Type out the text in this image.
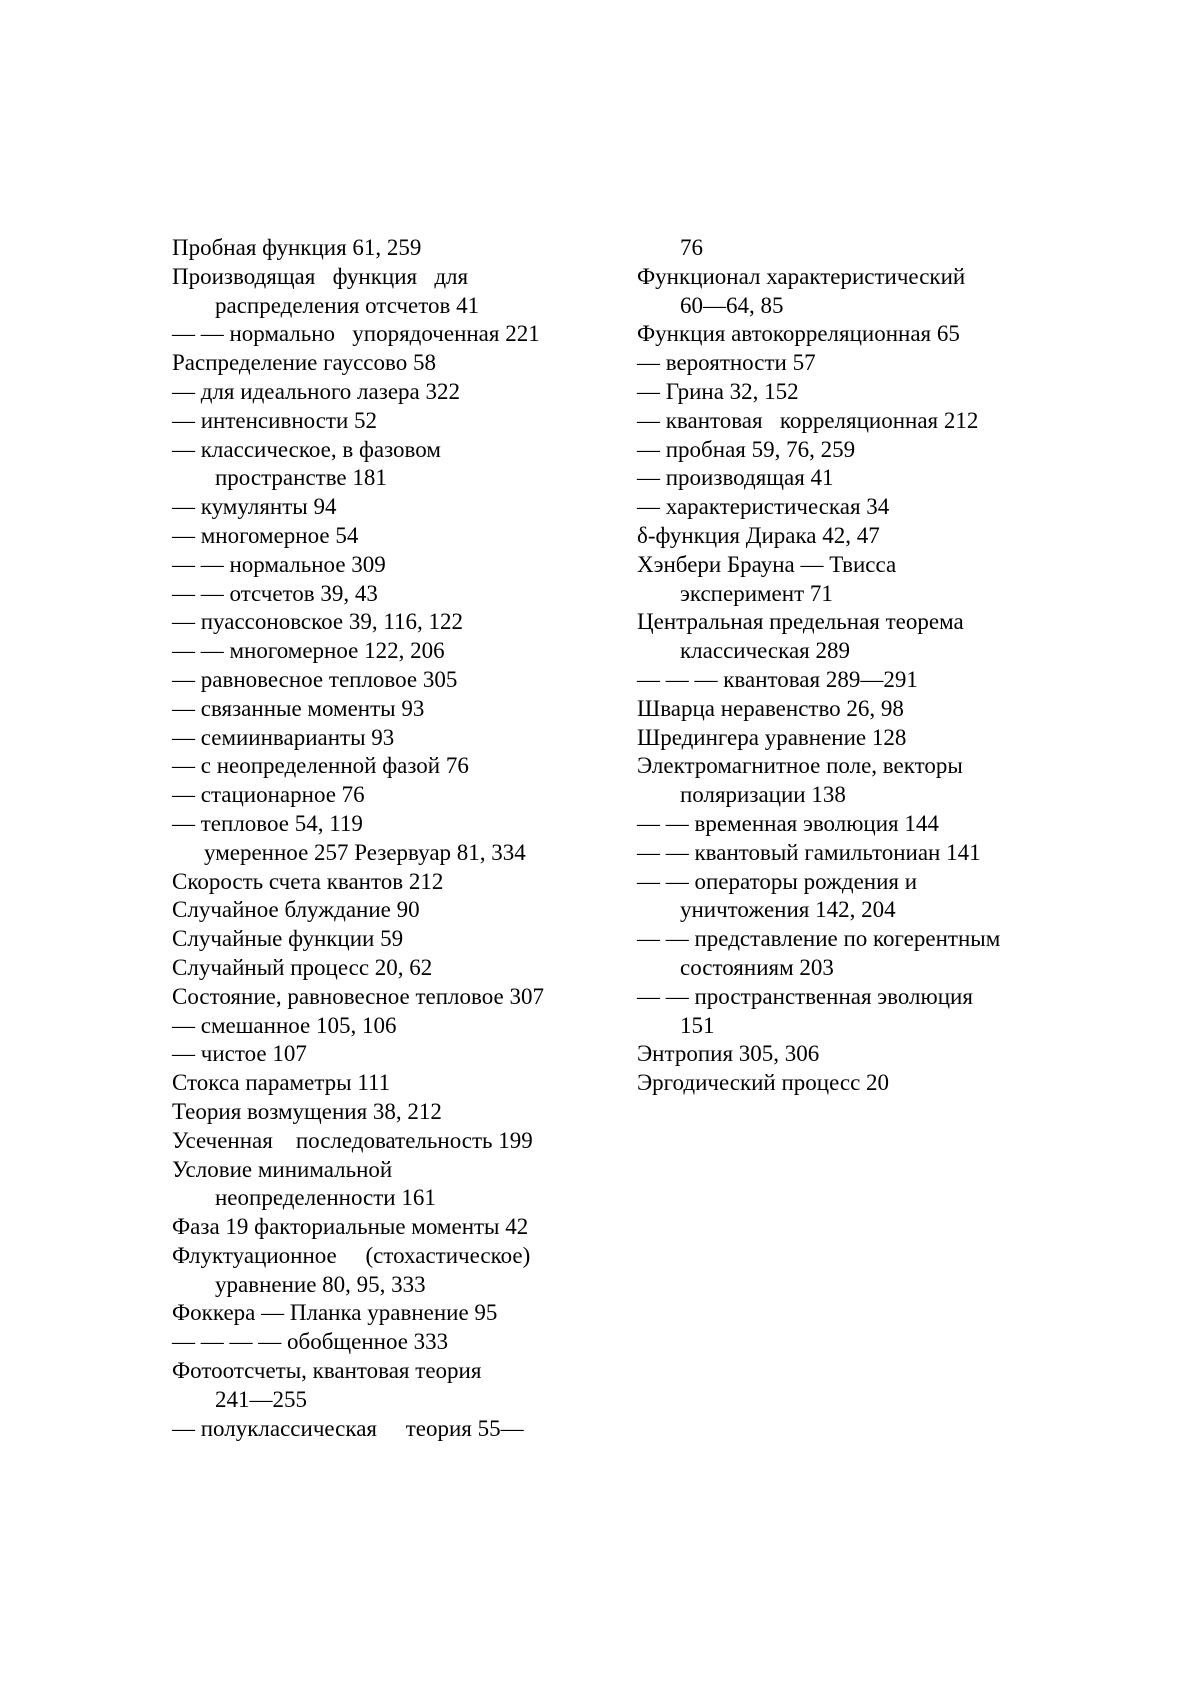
Пробная функция 61, 259
Производящая   функция   для
распределения отсчетов 41
— — нормально   упорядоченная 221
Распределение гауссово 58
— для идеального лазера 322
— интенсивности 52
— классическое, в фазовом
пространстве 181
— кумулянты 94
— многомерное 54
— — нормальное 309
— — отсчетов 39, 43
— пуассоновское 39, 116, 122
— — многомерное 122, 206
— равновесное тепловое 305
— связанные моменты 93
— семиинварианты 93
— с неопределенной фазой 76
— стационарное 76
— тепловое 54, 119
умеренное 257 Резервуар 81, 334
Скорость счета квантов 212
Случайное блуждание 90
Случайные функции 59
Случайный процесс 20, 62
Состояние, равновесное тепловое 307
— смешанное 105, 106
— чистое 107
Стокса параметры 111
Теория возмущения 38, 212
Усеченная    последовательность 199
Условие минимальной
неопределенности 161
Фаза 19 факториальные моменты 42
Флуктуационное     (стохастическое)
уравнение 80, 95, 333
Фоккера — Планка уравнение 95
— — — — обобщенное 333
Фотоотсчеты, квантовая теория
241—255
— полуклассическая     теория 55—
76
Функционал характеристический
60—64, 85
Функция автокорреляционная 65
— вероятности 57
— Грина 32, 152
— квантовая   корреляционная 212
— пробная 59, 76, 259
— производящая 41
— характеристическая 34
δ-функция Дирака 42, 47
Хэнбери Брауна — Твисса
эксперимент 71
Центральная предельная теорема
классическая 289
— — — квантовая 289—291
Шварца неравенство 26, 98
Шредингера уравнение 128
Электромагнитное поле, векторы
поляризации 138
— — временная эволюция 144
— — квантовый гамильтониан 141
— — операторы рождения и
уничтожения 142, 204
— — представление по когерентным
состояниям 203
— — пространственная эволюция
151
Энтропия 305, 306
Эргодический процесс 20
